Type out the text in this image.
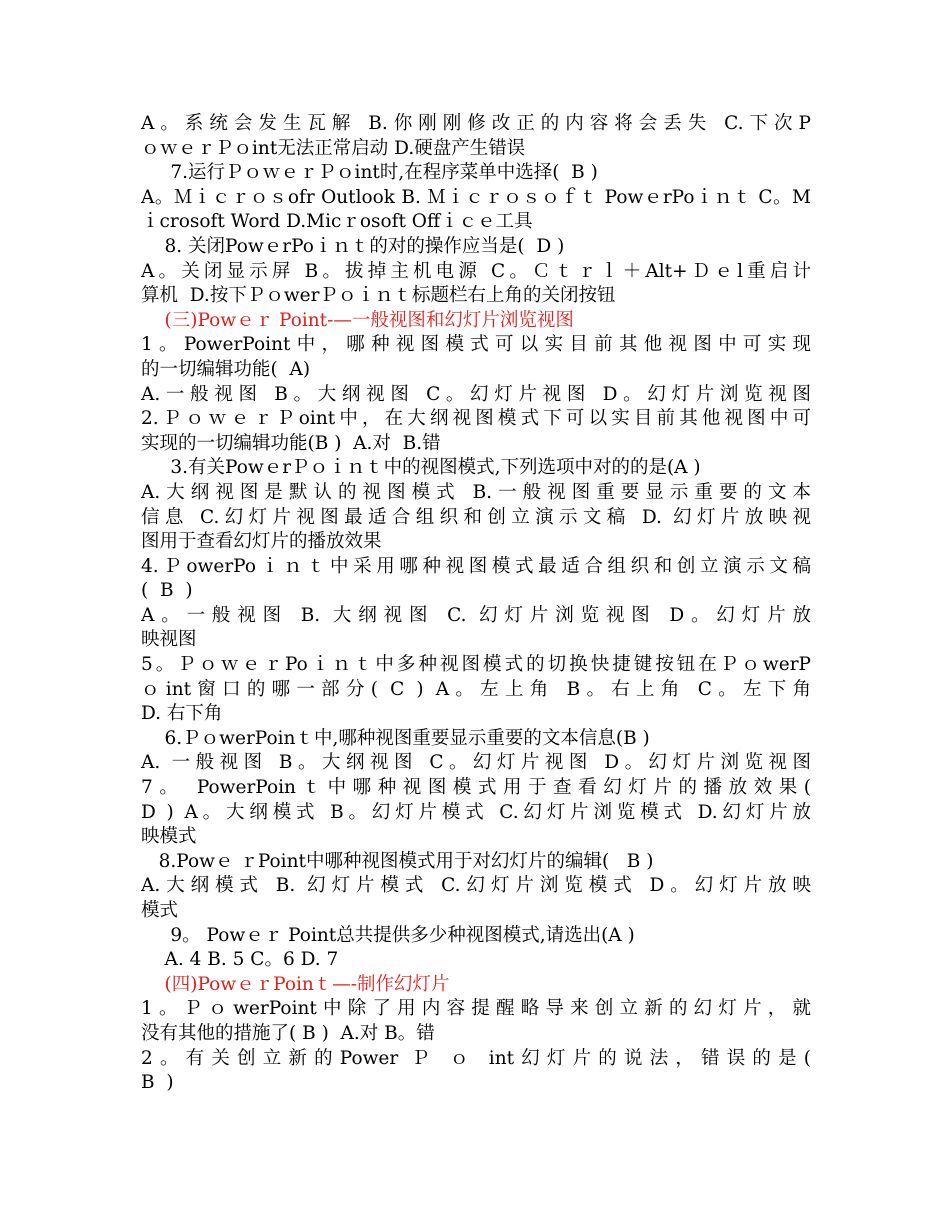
A。系统会发生瓦解 B.你刚刚修改正的内容将会丢失 C.下次P
ｏｗｅｒＰｏint无法正常启动 D.硬盘产生错误
7.运行ＰｏｗｅｒＰｏint时,在程序菜单中选择(  B )
A。Ｍｉｃｒｏｓofr Outlook B. Ｍｉｃｒｏｓｏｆｔ PowｅrPoｉｎｔ C。M
ｉcrosoft Word D.Micｒosoft Offｉｃｅ工具
8. 关闭PowｅrPoｉｎｔ的对的操作应当是(  D )
A。关闭显示屏 B。拔掉主机电源 C。Ｃｔｒｌ＋Alt+Ｄｅl重启计
算机  D.按下ＰｏwerＰｏｉｎｔ标题栏右上角的关闭按钮
(三)Powｅｒ Point-—一般视图和幻灯片浏览视图
1。PowerPoint中，哪种视图模式可以实目前其他视图中可实现
的一切编辑功能(  A)
A.一般视图 B。大纲视图 C。幻灯片视图 D。幻灯片浏览视图
2.ＰｏｗｅｒＰoint中，在大纲视图模式下可以实目前其他视图中可
实现的一切编辑功能(B )  A.对  B.错
3.有关PowｅrＰｏｉｎｔ中的视图模式,下列选项中对的的是(A )
A.大纲视图是默认的视图模式 B.一般视图重要显示重要的文本
信息 C.幻灯片视图最适合组织和创立演示文稿 D. 幻灯片放映视
图用于查看幻灯片的播放效果
4.ＰowerPoｉｎｔ中采用哪种视图模式最适合组织和创立演示文稿
(  B  )
A。一般视图 B. 大纲视图 C. 幻灯片浏览视图 D。幻灯片放
映视图
5。ＰｏｗｅｒPoｉｎｔ中多种视图模式的切换快捷键按钮在ＰｏwerP
ｏint窗口的哪一部分( C ) A。左上角 B。右上角 C。左下角
D. 右下角
6.ＰｏwerPoinｔ中,哪种视图重要显示重要的文本信息(B )
A. 一般视图 B。大纲视图 C。幻灯片视图 D。幻灯片浏览视图
7。 PowerPoinｔ中哪种视图模式用于查看幻灯片的播放效果(
D ) A。大纲模式 B。幻灯片模式 C.幻灯片浏览模式 D.幻灯片放
映模式
8.Powｅ ｒPoint中哪种视图模式用于对幻灯片的编辑(   B )
A.大纲模式 B. 幻灯片模式 C.幻灯片浏览模式 D。幻灯片放映
模式
9。 Powｅｒ Point总共提供多少种视图模式,请选出(A )
A. 4 B. 5 C。6 D. 7
(四)PowｅｒPoinｔ—-制作幻灯片
1。ＰｏwerPoint中除了用内容提醒略导来创立新的幻灯片，就
没有其他的措施了( B )  A.对 B。错
2。有关创立新的Power Ｐ ｏ int幻灯片的说法，错误的是(
B  )
